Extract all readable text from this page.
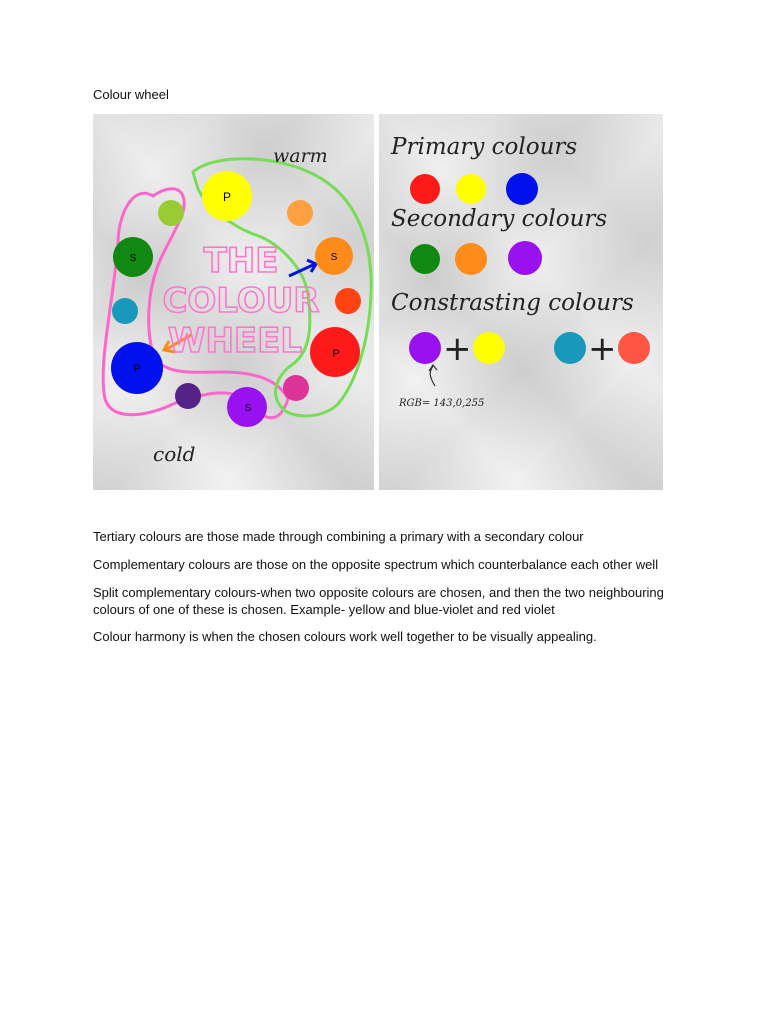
Colour wheel
THE
COLOUR
WHEEL
P
S
S
P
P
S
warm
cold
Primary colours
Secondary colours
Constrasting colours
+	+
RGB= 143,0,255

Tertiary colours are those made through combining a primary with a secondary colour

Complementary colours are those on the opposite spectrum which counterbalance each other well

Split complementary colours-when two opposite colours are chosen, and then the two neighbouring colours of one of these is chosen. Example- yellow and blue-violet and red violet

Colour harmony is when the chosen colours work well together to be visually appealing.
